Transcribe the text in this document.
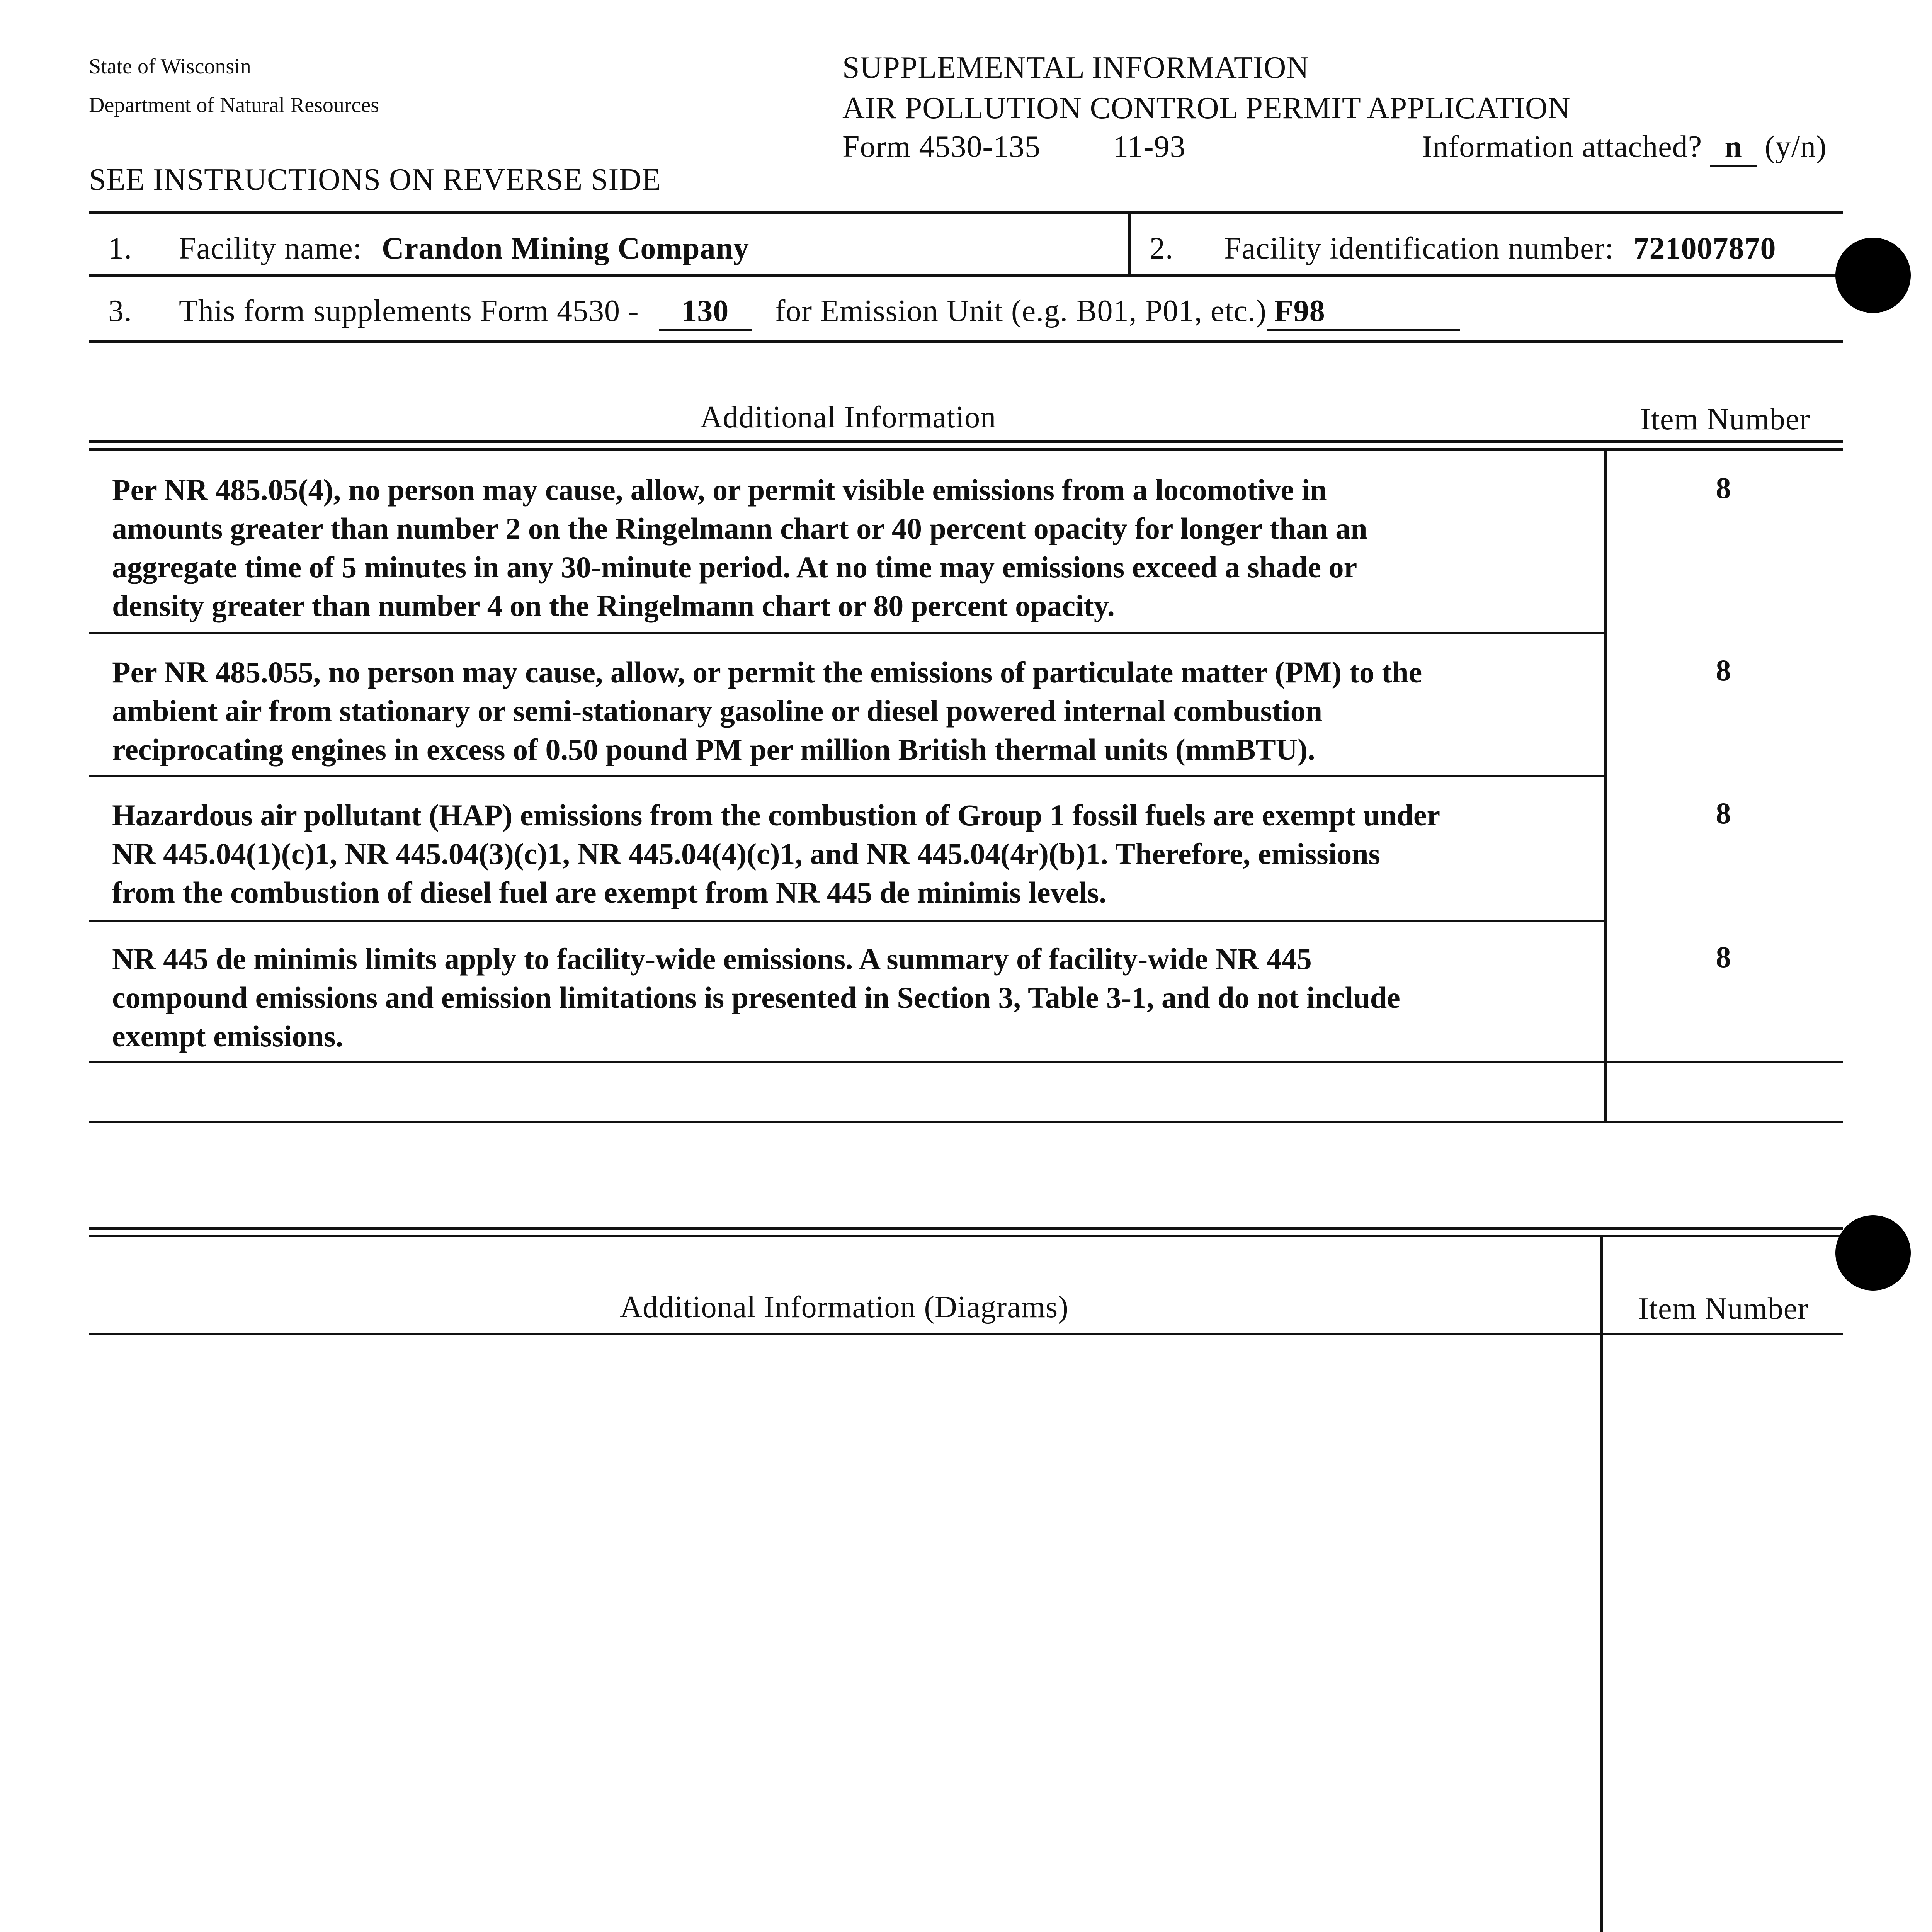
State of Wisconsin
Department of Natural Resources
SEE INSTRUCTIONS ON REVERSE SIDE
SUPPLEMENTAL INFORMATION
AIR POLLUTION CONTROL PERMIT APPLICATION
Form 4530-135 11-93	Information attached? n (y/n)
1. Facility name: Crandon Mining Company	2. Facility identification number: 721007870
3. This form supplements Form 4530 - 130 for Emission Unit (e.g. B01, P01, etc.) F98
Additional Information	Item Number
Per NR 485.05(4), no person may cause, allow, or permit visible emissions from a locomotive in
amounts greater than number 2 on the Ringelmann chart or 40 percent opacity for longer than an
aggregate time of 5 minutes in any 30-minute period. At no time may emissions exceed a shade or
density greater than number 4 on the Ringelmann chart or 80 percent opacity.
8
Per NR 485.055, no person may cause, allow, or permit the emissions of particulate matter (PM) to the
ambient air from stationary or semi-stationary gasoline or diesel powered internal combustion
reciprocating engines in excess of 0.50 pound PM per million British thermal units (mmBTU).
8
Hazardous air pollutant (HAP) emissions from the combustion of Group 1 fossil fuels are exempt under
NR 445.04(1)(c)1, NR 445.04(3)(c)1, NR 445.04(4)(c)1, and NR 445.04(4r)(b)1. Therefore, emissions
from the combustion of diesel fuel are exempt from NR 445 de minimis levels.
8
NR 445 de minimis limits apply to facility-wide emissions. A summary of facility-wide NR 445
compound emissions and emission limitations is presented in Section 3, Table 3-1, and do not include
exempt emissions.
8
Additional Information (Diagrams)	Item Number
